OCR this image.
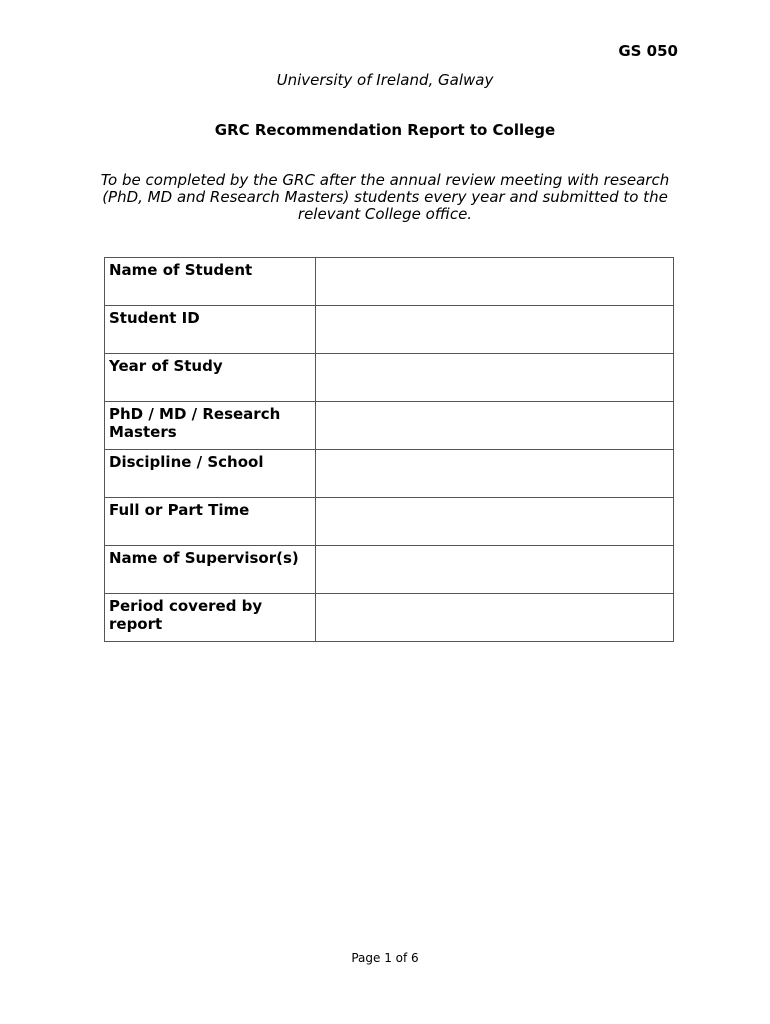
GS 050
University of Ireland, Galway
GRC Recommendation Report to College
To be completed by the GRC after the annual review meeting with research (PhD, MD and Research Masters) students every year and submitted to the relevant College office.
Name of Student	
Student ID	
Year of Study	
PhD / MD / Research Masters	
Discipline / School	
Full or Part Time	
Name of Supervisor(s)	
Period covered by report	
Page 1 of 6
